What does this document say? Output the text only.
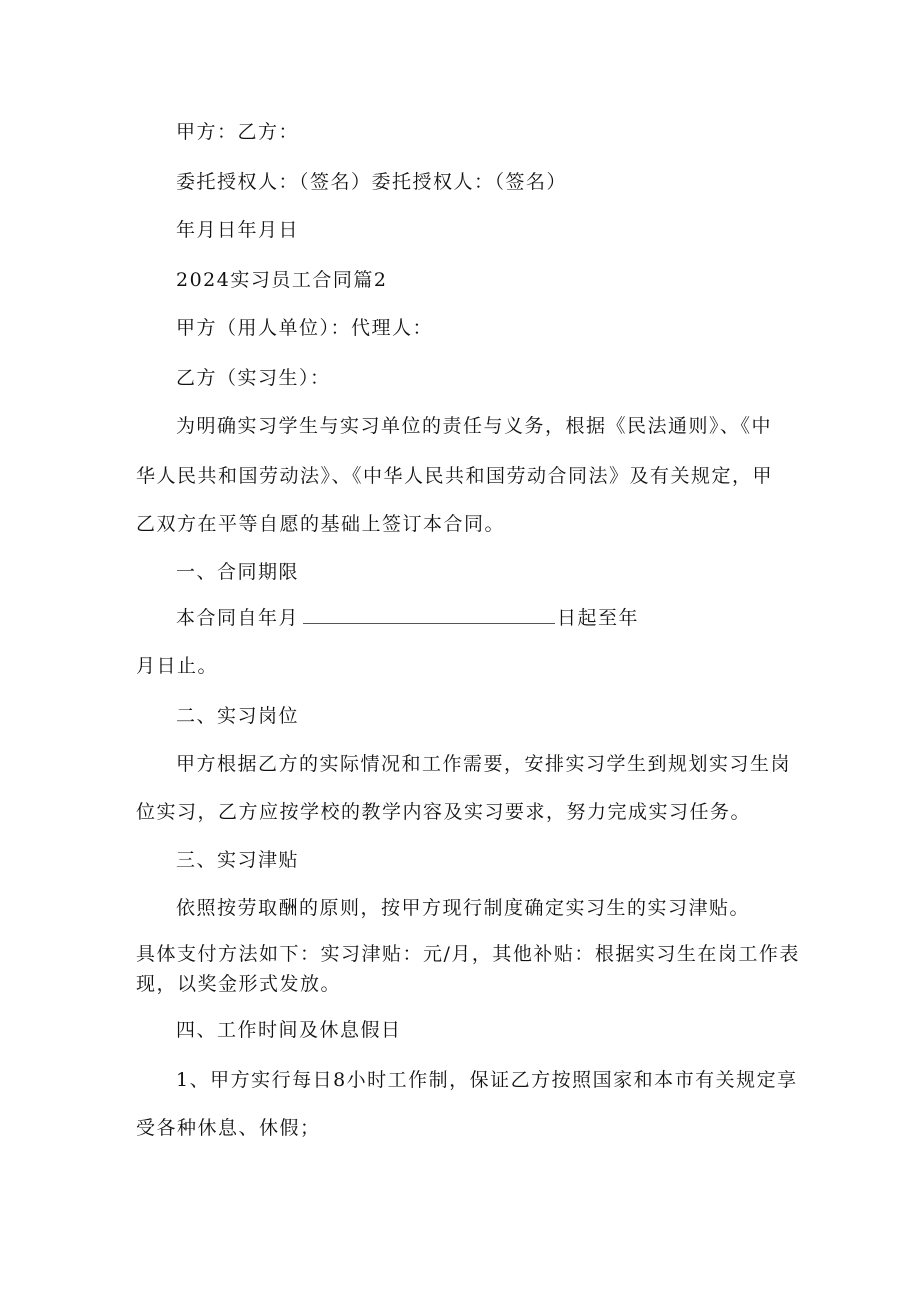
甲方：乙方：
委托授权人：（签名）委托授权人：（签名）
年月日年月日
2024实习员工合同篇2
甲方（用人单位）：代理人：
乙方（实习生）：
为明确实习学生与实习单位的责任与义务，根据《民法通则》、《中
华人民共和国劳动法》、《中华人民共和国劳动合同法》及有关规定，甲
乙双方在平等自愿的基础上签订本合同。
一、合同期限
本合同自年月	日起至年
月日止。
二、实习岗位
甲方根据乙方的实际情况和工作需要，安排实习学生到规划实习生岗
位实习，乙方应按学校的教学内容及实习要求，努力完成实习任务。
三、实习津贴
依照按劳取酬的原则，按甲方现行制度确定实习生的实习津贴。
具体支付方法如下：实习津贴：元/月，其他补贴：根据实习生在岗工作表
现，以奖金形式发放。
四、工作时间及休息假日
1、甲方实行每日8小时工作制，保证乙方按照国家和本市有关规定享
受各种休息、休假；
